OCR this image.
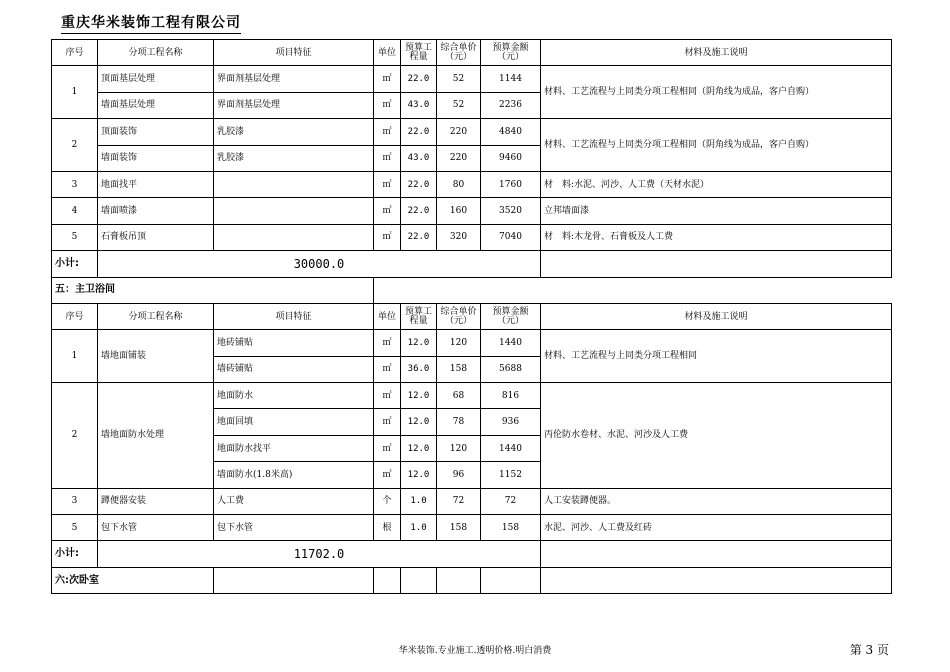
重庆华米装饰工程有限公司
序号	分项工程名称	项目特征	单位	预算工程量	综合单价（元）	预算金额（元）	材料及施工说明
1	顶面基层处理	界面剂基层处理	㎡	22.0	52	1144	材料、工艺流程与上同类分项工程相同（阴角线为成品，客户自购）
	墙面基层处理	界面剂基层处理	㎡	43.0	52	2236	
2	顶面装饰	乳胶漆	㎡	22.0	220	4840	材料、工艺流程与上同类分项工程相同（阴角线为成品，客户自购）
	墙面装饰	乳胶漆	㎡	43.0	220	9460	
3	地面找平		㎡	22.0	80	1760	材　料:水泥、河沙、人工费（天材水泥）
4	墙面喷漆		㎡	22.0	160	3520	立邦墙面漆
5	石膏板吊顶		㎡	22.0	320	7040	材　料:木龙骨、石膏板及人工费
小计:	30000.0						
五：主卫浴间							
序号	分项工程名称	项目特征	单位	预算工程量	综合单价（元）	预算金额（元）	材料及施工说明
1	墙地面铺装	地砖铺贴	㎡	12.0	120	1440	材料、工艺流程与上同类分项工程相同
		墙砖铺贴	㎡	36.0	158	5688	
2	墙地面防水处理	地面防水	㎡	12.0	68	816	丙伦防水卷材、水泥、河沙及人工费
		地面回填	㎡	12.0	78	936	
		地面防水找平	㎡	12.0	120	1440	
		墙面防水(1.8米高)	㎡	12.0	96	1152	
3	蹲便器安装	人工费	个	1.0	72	72	人工安装蹲便器。
5	包下水管	包下水管	根	1.0	158	158	水泥、河沙、人工费及红砖
小计:	11702.0						
六:次卧室							
华米装饰.专业施工.透明价格.明白消费	第 3 页
